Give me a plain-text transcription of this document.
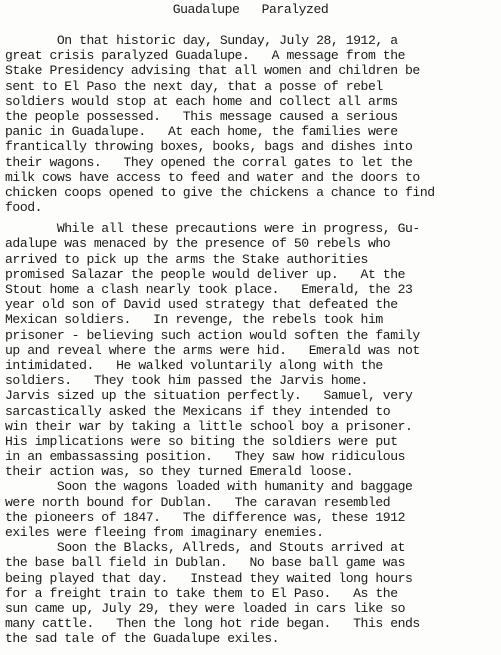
Guadalupe   Paralyzed
On that historic day, Sunday, July 28, 1912, a
great crisis paralyzed Guadalupe.   A message from the
Stake Presidency advising that all women and children be
sent to El Paso the next day, that a posse of rebel
soldiers would stop at each home and collect all arms
the people possessed.   This message caused a serious
panic in Guadalupe.   At each home, the families were
frantically throwing boxes, books, bags and dishes into
their wagons.   They opened the corral gates to let the
milk cows have access to feed and water and the doors to
chicken coops opened to give the chickens a chance to find
food.
While all these precautions were in progress, Gu-
adalupe was menaced by the presence of 50 rebels who
arrived to pick up the arms the Stake authorities
promised Salazar the people would deliver up.   At the
Stout home a clash nearly took place.   Emerald, the 23
year old son of David used strategy that defeated the
Mexican soldiers.   In revenge, the rebels took him
prisoner - believing such action would soften the family
up and reveal where the arms were hid.   Emerald was not
intimidated.   He walked voluntarily along with the
soldiers.   They took him passed the Jarvis home.
Jarvis sized up the situation perfectly.   Samuel, very
sarcastically asked the Mexicans if they intended to
win their war by taking a little school boy a prisoner.
His implications were so biting the soldiers were put
in an embassassing position.   They saw how ridiculous
their action was, so they turned Emerald loose.
Soon the wagons loaded with humanity and baggage
were north bound for Dublan.   The caravan resembled
the pioneers of 1847.   The difference was, these 1912
exiles were fleeing from imaginary enemies.
Soon the Blacks, Allreds, and Stouts arrived at
the base ball field in Dublan.   No base ball game was
being played that day.   Instead they waited long hours
for a freight train to take them to El Paso.   As the
sun came up, July 29, they were loaded in cars like so
many cattle.   Then the long hot ride began.   This ends
the sad tale of the Guadalupe exiles.
